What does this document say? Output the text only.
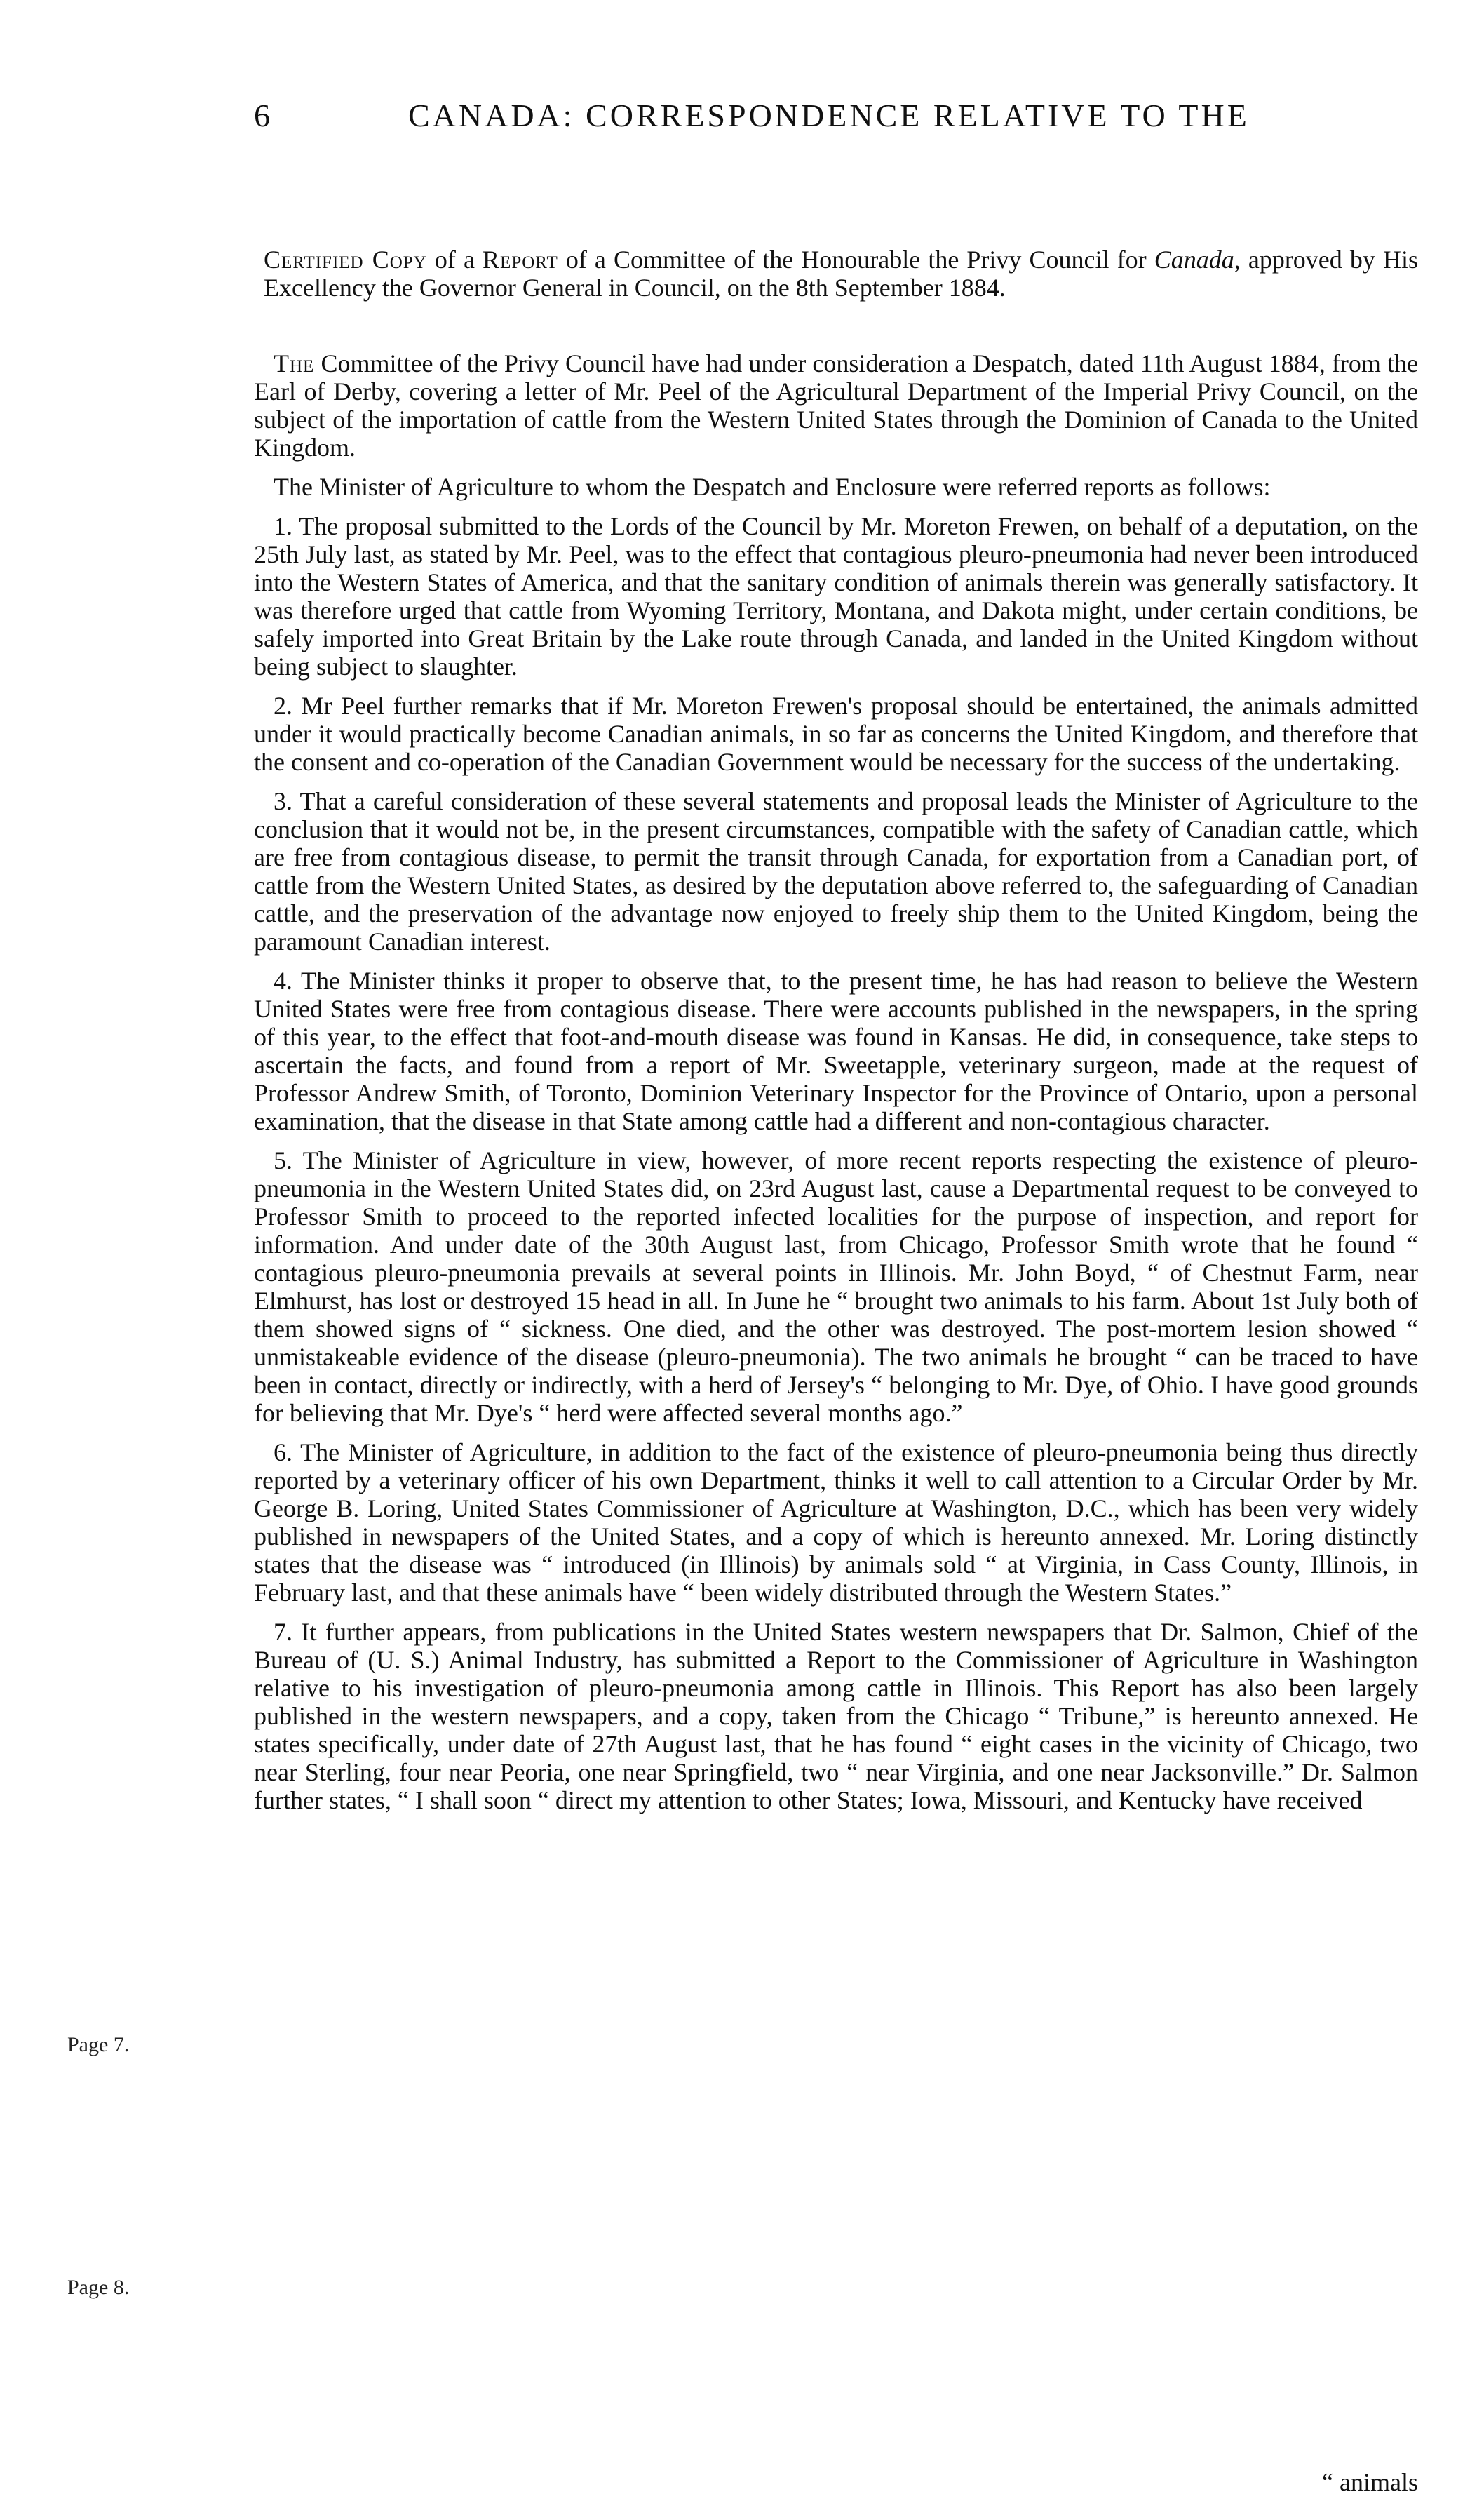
6	CANADA: CORRESPONDENCE RELATIVE TO THE

Certified Copy of a Report of a Committee of the Honourable the Privy Council for Canada, approved by His Excellency the Governor General in Council, on the 8th September 1884.

The Committee of the Privy Council have had under consideration a Despatch, dated 11th August 1884, from the Earl of Derby, covering a letter of Mr. Peel of the Agricultural Department of the Imperial Privy Council, on the subject of the importation of cattle from the Western United States through the Dominion of Canada to the United Kingdom.

The Minister of Agriculture to whom the Despatch and Enclosure were referred reports as follows:

1. The proposal submitted to the Lords of the Council by Mr. Moreton Frewen, on behalf of a deputation, on the 25th July last, as stated by Mr. Peel, was to the effect that contagious pleuro-pneumonia had never been introduced into the Western States of America, and that the sanitary condition of animals therein was generally satisfactory. It was therefore urged that cattle from Wyoming Territory, Montana, and Dakota might, under certain conditions, be safely imported into Great Britain by the Lake route through Canada, and landed in the United Kingdom without being subject to slaughter.

2. Mr Peel further remarks that if Mr. Moreton Frewen's proposal should be entertained, the animals admitted under it would practically become Canadian animals, in so far as concerns the United Kingdom, and therefore that the consent and co-operation of the Canadian Government would be necessary for the success of the undertaking.

3. That a careful consideration of these several statements and proposal leads the Minister of Agriculture to the conclusion that it would not be, in the present circumstances, compatible with the safety of Canadian cattle, which are free from contagious disease, to permit the transit through Canada, for exportation from a Canadian port, of cattle from the Western United States, as desired by the deputation above referred to, the safeguarding of Canadian cattle, and the preservation of the advantage now enjoyed to freely ship them to the United Kingdom, being the paramount Canadian interest.

4. The Minister thinks it proper to observe that, to the present time, he has had reason to believe the Western United States were free from contagious disease. There were accounts published in the newspapers, in the spring of this year, to the effect that foot-and-mouth disease was found in Kansas. He did, in consequence, take steps to ascertain the facts, and found from a report of Mr. Sweetapple, veterinary surgeon, made at the request of Professor Andrew Smith, of Toronto, Dominion Veterinary Inspector for the Province of Ontario, upon a personal examination, that the disease in that State among cattle had a different and non-contagious character.

5. The Minister of Agriculture in view, however, of more recent reports respecting the existence of pleuro-pneumonia in the Western United States did, on 23rd August last, cause a Departmental request to be conveyed to Professor Smith to proceed to the reported infected localities for the purpose of inspection, and report for information. And under date of the 30th August last, from Chicago, Professor Smith wrote that he found “ contagious pleuro-pneumonia prevails at several points in Illinois. Mr. John Boyd, “ of Chestnut Farm, near Elmhurst, has lost or destroyed 15 head in all. In June he “ brought two animals to his farm. About 1st July both of them showed signs of “ sickness. One died, and the other was destroyed. The post-mortem lesion showed “ unmistakeable evidence of the disease (pleuro-pneumonia). The two animals he brought “ can be traced to have been in contact, directly or indirectly, with a herd of Jersey's “ belonging to Mr. Dye, of Ohio. I have good grounds for believing that Mr. Dye's “ herd were affected several months ago.”

6. The Minister of Agriculture, in addition to the fact of the existence of pleuro-pneumonia being thus directly reported by a veterinary officer of his own Department, thinks it well to call attention to a Circular Order by Mr. George B. Loring, United States Commissioner of Agriculture at Washington, D.C., which has been very widely published in newspapers of the United States, and a copy of which is hereunto annexed. Mr. Loring distinctly states that the disease was “ introduced (in Illinois) by animals sold “ at Virginia, in Cass County, Illinois, in February last, and that these animals have “ been widely distributed through the Western States.”

7. It further appears, from publications in the United States western newspapers that Dr. Salmon, Chief of the Bureau of (U. S.) Animal Industry, has submitted a Report to the Commissioner of Agriculture in Washington relative to his investigation of pleuro-pneumonia among cattle in Illinois. This Report has also been largely published in the western newspapers, and a copy, taken from the Chicago “ Tribune,” is hereunto annexed. He states specifically, under date of 27th August last, that he has found “ eight cases in the vicinity of Chicago, two near Sterling, four near Peoria, one near Springfield, two “ near Virginia, and one near Jacksonville.” Dr. Salmon further states, “ I shall soon “ direct my attention to other States; Iowa, Missouri, and Kentucky have received

Page 7.
Page 8.
“ animals
